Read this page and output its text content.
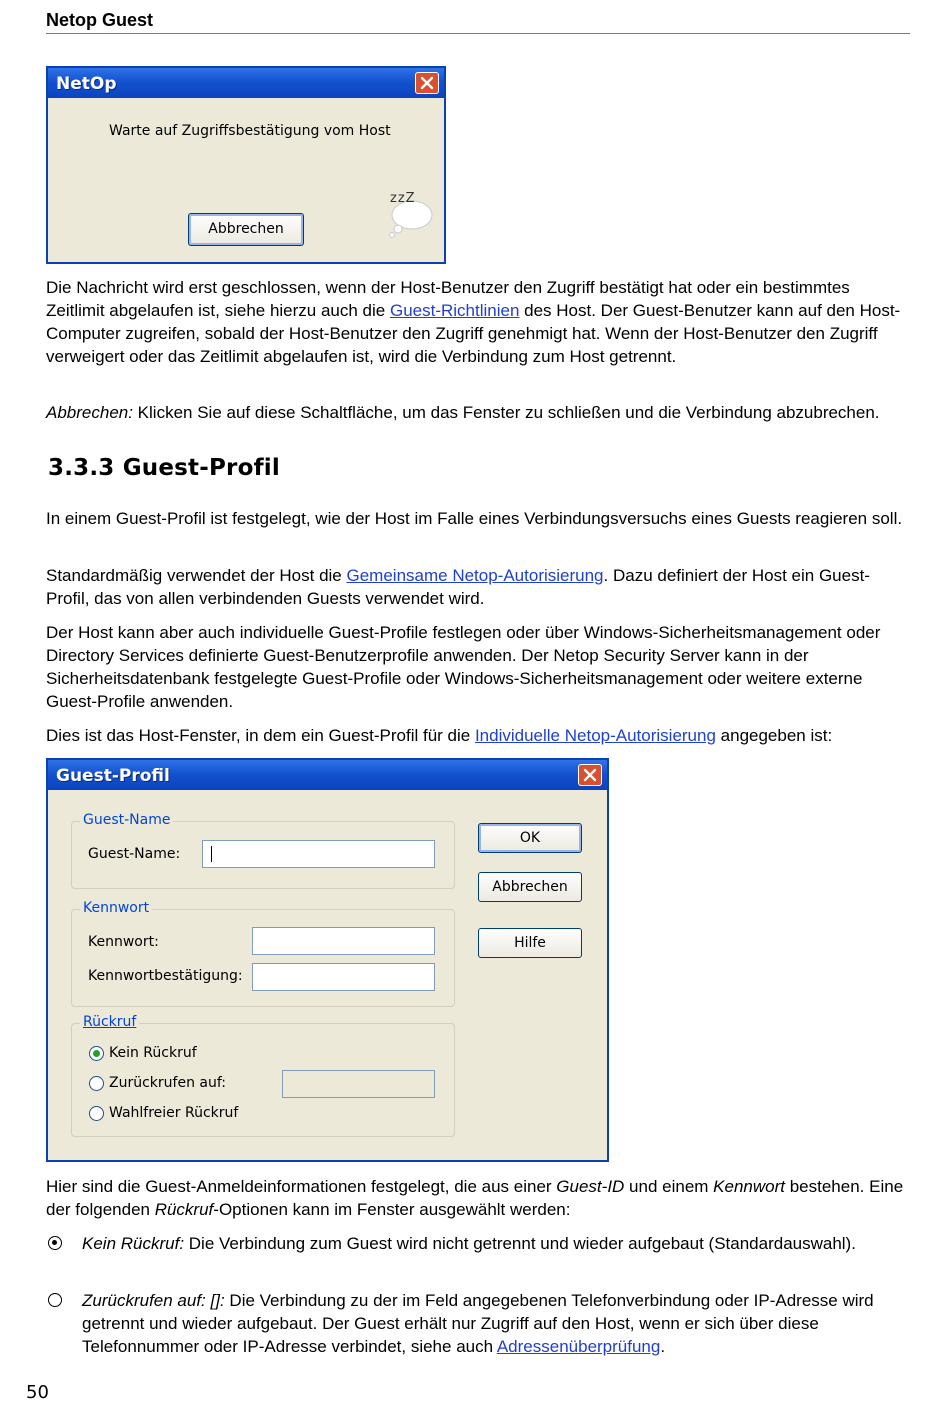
Netop Guest
NetOp
Warte auf Zugriffsbestätigung vom Host
Abbrechen
zzZ

Die Nachricht wird erst geschlossen, wenn der Host-Benutzer den Zugriff bestätigt hat oder ein bestimmtes Zeitlimit abgelaufen ist, siehe hierzu auch die Guest-Richtlinien des Host. Der Guest-Benutzer kann auf den Host-Computer zugreifen, sobald der Host-Benutzer den Zugriff genehmigt hat. Wenn der Host-Benutzer den Zugriff verweigert oder das Zeitlimit abgelaufen ist, wird die Verbindung zum Host getrennt.

Abbrechen: Klicken Sie auf diese Schaltfläche, um das Fenster zu schließen und die Verbindung abzubrechen.

3.3.3 Guest-Profil

In einem Guest-Profil ist festgelegt, wie der Host im Falle eines Verbindungsversuchs eines Guests reagieren soll.

Standardmäßig verwendet der Host die Gemeinsame Netop-Autorisierung. Dazu definiert der Host ein Guest-Profil, das von allen verbindenden Guests verwendet wird.

Der Host kann aber auch individuelle Guest-Profile festlegen oder über Windows-Sicherheitsmanagement oder Directory Services definierte Guest-Benutzerprofile anwenden. Der Netop Security Server kann in der Sicherheitsdatenbank festgelegte Guest-Profile oder Windows-Sicherheitsmanagement oder weitere externe Guest-Profile anwenden.

Dies ist das Host-Fenster, in dem ein Guest-Profil für die Individuelle Netop-Autorisierung angegeben ist:

Guest-Profil
Guest-Name
Guest-Name:
Kennwort
Kennwort:
Kennwortbestätigung:
Rückruf
Kein Rückruf
Zurückrufen auf:
Wahlfreier Rückruf
OK
Abbrechen
Hilfe

Hier sind die Guest-Anmeldeinformationen festgelegt, die aus einer Guest-ID und einem Kennwort bestehen. Eine der folgenden Rückruf-Optionen kann im Fenster ausgewählt werden:

Kein Rückruf: Die Verbindung zum Guest wird nicht getrennt und wieder aufgebaut (Standardauswahl).

Zurückrufen auf: []: Die Verbindung zu der im Feld angegebenen Telefonverbindung oder IP-Adresse wird getrennt und wieder aufgebaut. Der Guest erhält nur Zugriff auf den Host, wenn er sich über diese Telefonnummer oder IP-Adresse verbindet, siehe auch Adressenüberprüfung.

50
